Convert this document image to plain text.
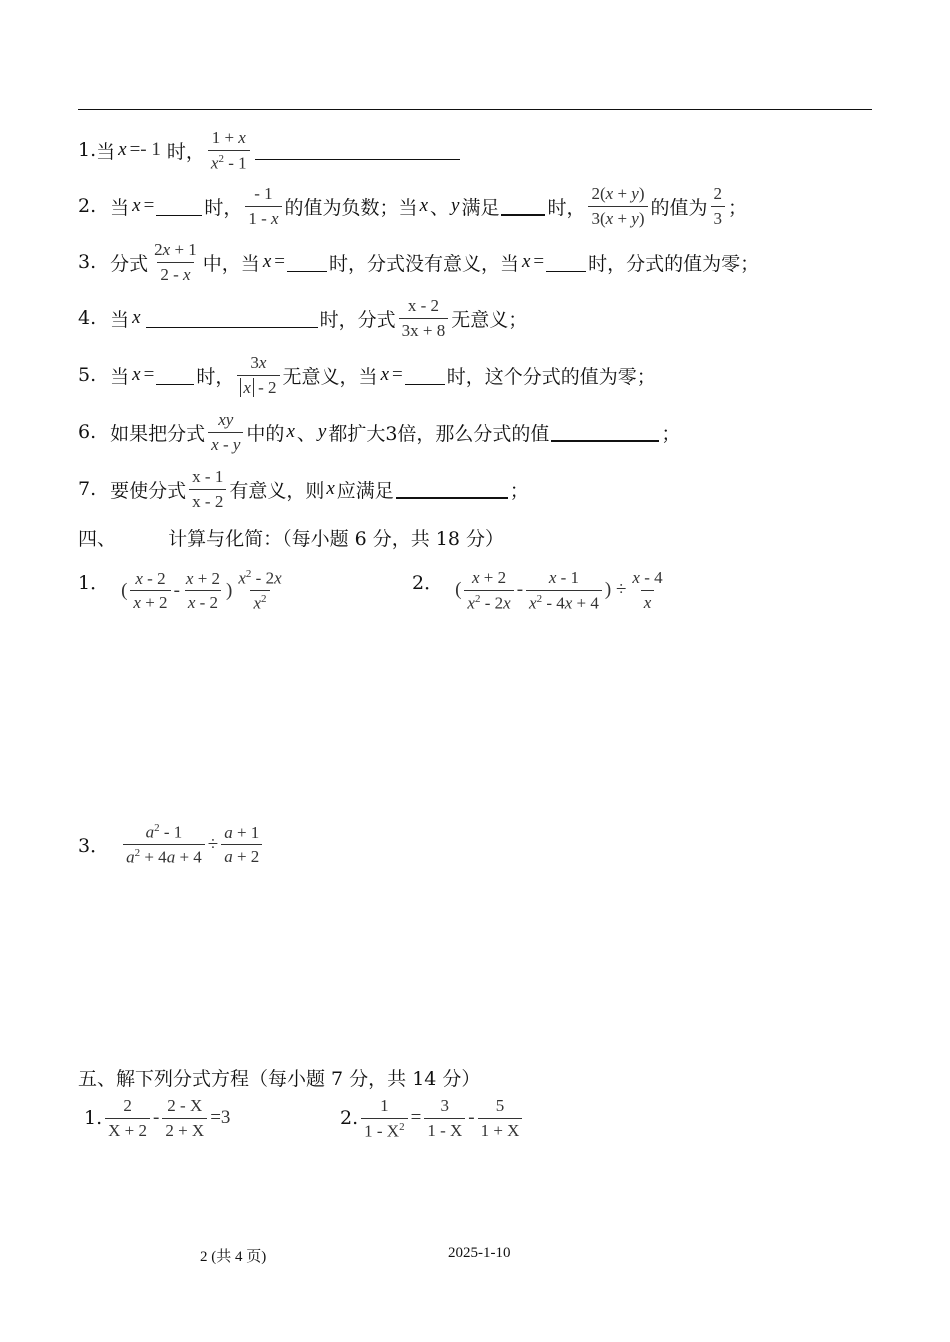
1. 当 x =- 1 时， $\frac{1 + x}{x^2 - 1}$
2. 当 x =	时， $\frac{- 1}{1 - x}$ 的值为负数；当 x 、 y 满足	时， $\frac{2(x + y)}{3(x + y)}$ 的值为 $\frac{2}{3}$ ；
3. 分式 $\frac{2x + 1}{2 - x}$ 中，当 x = 时，分式没有意义，当 x = 时，分式的值为零；
4. 当 x	时，分式 $\frac{x - 2}{3x + 8}$ 无意义；
5. 当 x = 时， $\frac{3x}{x - 2}$ 无意义，当 x = 时，这个分式的值为零；
6. 如果把分式 $\frac{xy}{x - y}$ 中的 x 、 y 都扩大3倍，那么分式的值	；
7. 要使分式 $\frac{x - 1}{x - 2}$ 有意义，则 x 应满足	；
四、	计算与化简：（每小题 6 分，共 18 分）
1． ( $\frac{x - 2}{x + 2} - \frac{x + 2}{x - 2}$ ) $\frac{x^2 - 2x}{x^2}$	2． ( $\frac{x + 2}{x^2 - 2x} - \frac{x - 1}{x^2 - 4x + 4}$ ) ÷ $\frac{x - 4}{x}$
3． $\frac{a^2 - 1}{a^2 + 4a + 4} \div \frac{a + 1}{a + 2}$
五、解下列分式方程（每小题 7 分，共 14 分）
1. $\frac{2}{X + 2} - \frac{2 - X}{2 + X} =3$	2. $\frac{1}{1 - X^2} = \frac{3}{1 - X} - \frac{5}{1 + X}$
2 (共 4 页)	2025-1-10
